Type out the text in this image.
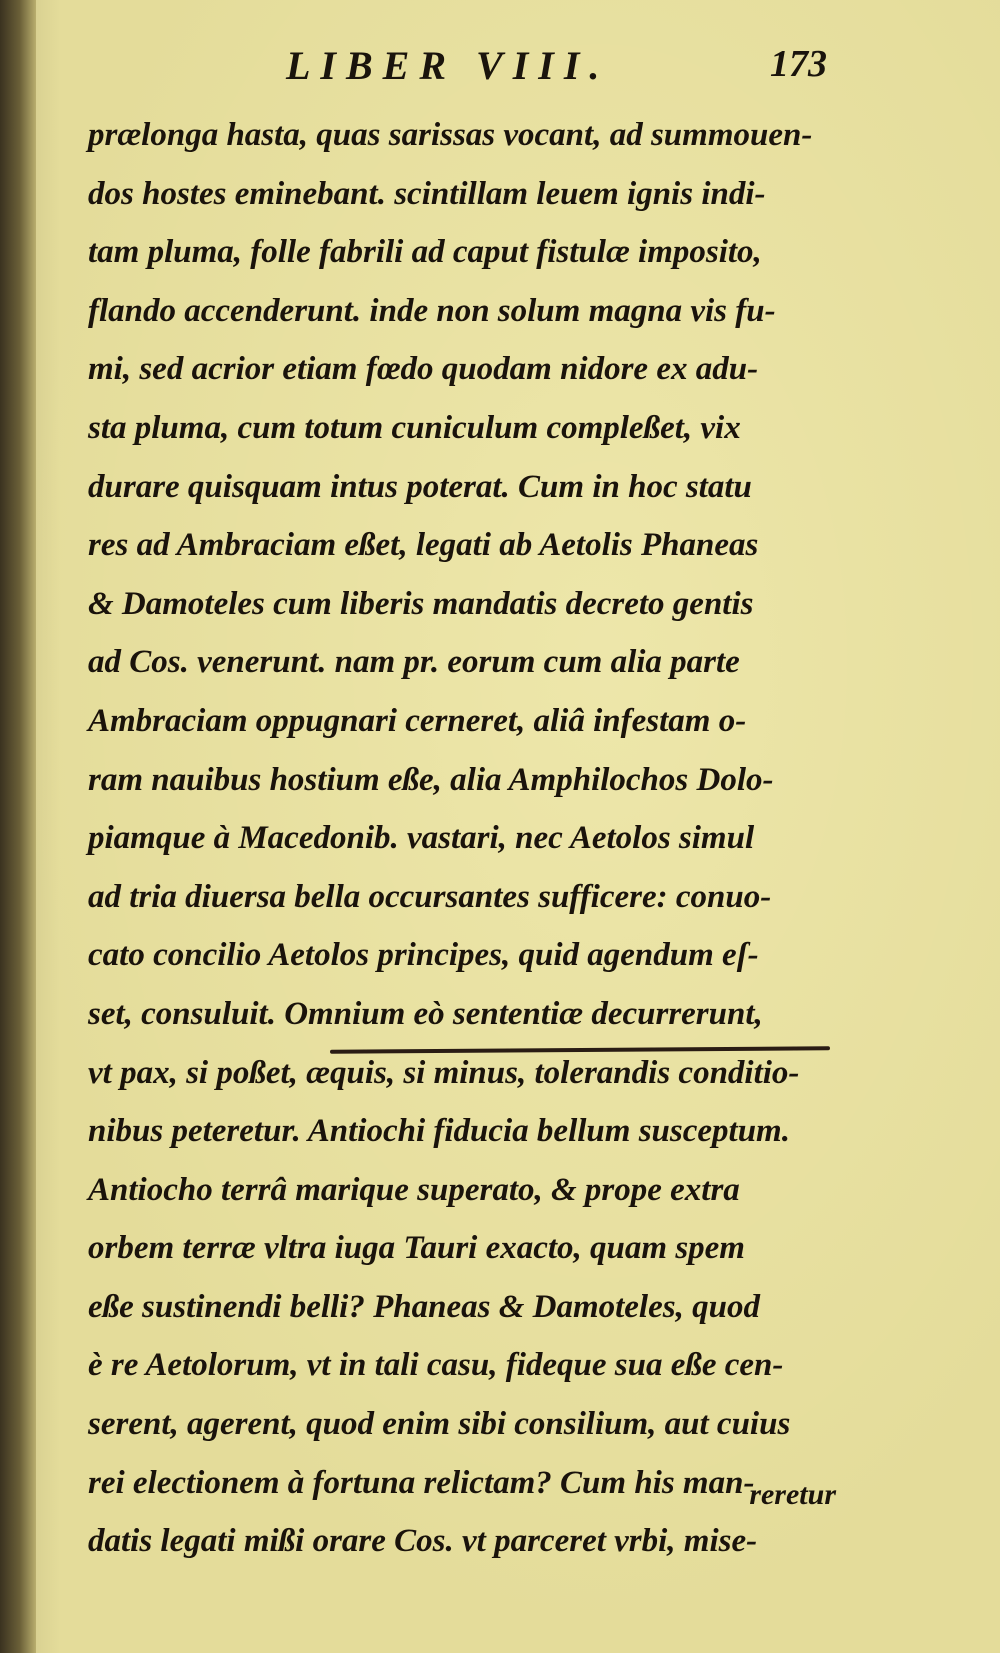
LIBER VIII.	173
prælonga hasta, quas sarissas vocant, ad summouen-
dos hostes eminebant. scintillam leuem ignis indi-
tam pluma, folle fabrili ad caput fistulæ imposito,
flando accenderunt. inde non solum magna vis fu-
mi, sed acrior etiam fœdo quodam nidore ex adu-
sta pluma, cum totum cuniculum compleßet, vix
durare quisquam intus poterat. Cum in hoc statu
res ad Ambraciam eßet, legati ab Aetolis Phaneas
& Damoteles cum liberis mandatis decreto gentis
ad Cos. venerunt. nam pr. eorum cum alia parte
Ambraciam oppugnari cerneret, aliâ infestam o-
ram nauibus hostium eße, alia Amphilochos Dolo-
piamque à Macedonib. vastari, nec Aetolos simul
ad tria diuersa bella occursantes sufficere: conuo-
cato concilio Aetolos principes, quid agendum eſ-
set, consuluit. Omnium eò sententiæ decurrerunt,
vt pax, si poßet, æquis, si minus, tolerandis conditio-
nibus peteretur. Antiochi fiducia bellum susceptum.
Antiocho terrâ marique superato, & prope extra
orbem terræ vltra iuga Tauri exacto, quam spem
eße sustinendi belli? Phaneas & Damoteles, quod
è re Aetolorum, vt in tali casu, fideque sua eße cen-
serent, agerent, quod enim sibi consilium, aut cuius
rei electionem à fortuna relictam? Cum his man-
datis legati mißi orare Cos. vt parceret vrbi, mise-
reretur
